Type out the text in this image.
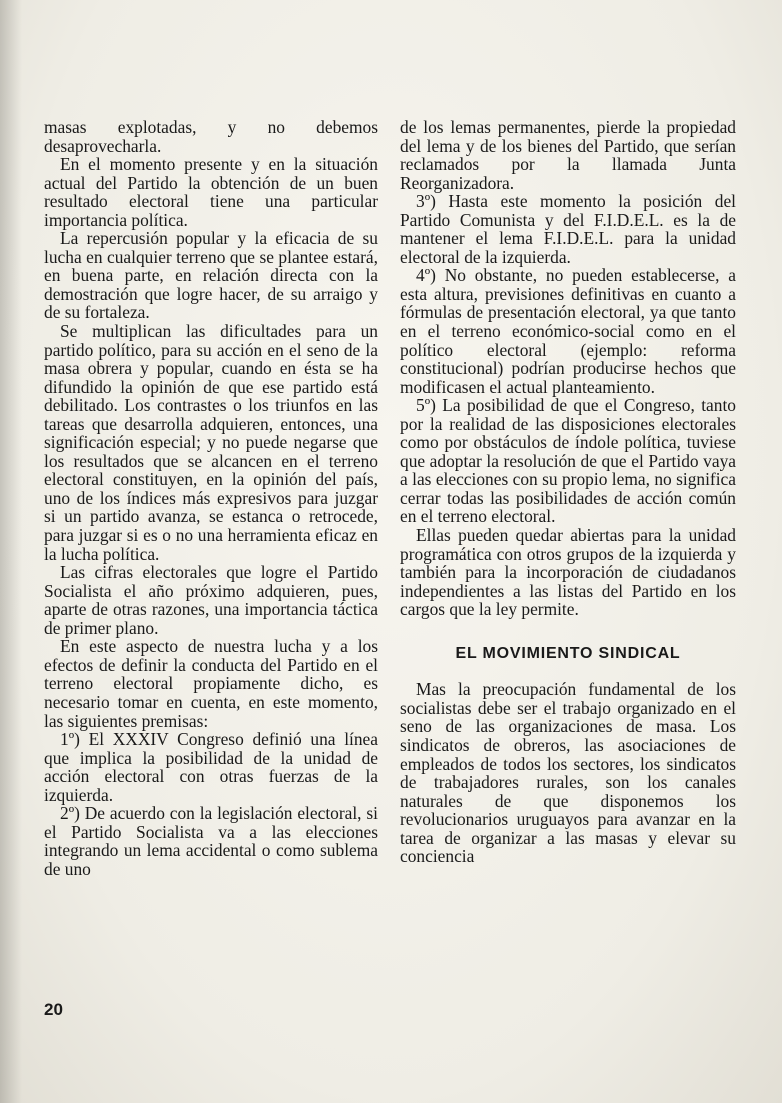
masas explotadas, y no debemos desaprovecharla.

En el momento presente y en la situación actual del Partido la obtención de un buen resultado electoral tiene una particular importancia política.

La repercusión popular y la eficacia de su lucha en cualquier terreno que se plantee estará, en buena parte, en relación directa con la demostración que logre hacer, de su arraigo y de su fortaleza.

Se multiplican las dificultades para un partido político, para su acción en el seno de la masa obrera y popular, cuando en ésta se ha difundido la opinión de que ese partido está debilitado. Los contrastes o los triunfos en las tareas que desarrolla adquieren, entonces, una significación especial; y no puede negarse que los resultados que se alcancen en el terreno electoral constituyen, en la opinión del país, uno de los índices más expresivos para juzgar si un partido avanza, se estanca o retrocede, para juzgar si es o no una herramienta eficaz en la lucha política.

Las cifras electorales que logre el Partido Socialista el año próximo adquieren, pues, aparte de otras razones, una importancia táctica de primer plano.

En este aspecto de nuestra lucha y a los efectos de definir la conducta del Partido en el terreno electoral propiamente dicho, es necesario tomar en cuenta, en este momento, las siguientes premisas:

1º) El XXXIV Congreso definió una línea que implica la posibilidad de la unidad de acción electoral con otras fuerzas de la izquierda.

2º) De acuerdo con la legislación electoral, si el Partido Socialista va a las elecciones integrando un lema accidental o como sublema de uno

de los lemas permanentes, pierde la propiedad del lema y de los bienes del Partido, que serían reclamados por la llamada Junta Reorganizadora.

3º) Hasta este momento la posición del Partido Comunista y del F.I.D.E.L. es la de mantener el lema F.I.D.E.L. para la unidad electoral de la izquierda.

4º) No obstante, no pueden establecerse, a esta altura, previsiones definitivas en cuanto a fórmulas de presentación electoral, ya que tanto en el terreno económico-social como en el político electoral (ejemplo: reforma constitucional) podrían producirse hechos que modificasen el actual planteamiento.

5º) La posibilidad de que el Congreso, tanto por la realidad de las disposiciones electorales como por obstáculos de índole política, tuviese que adoptar la resolución de que el Partido vaya a las elecciones con su propio lema, no significa cerrar todas las posibilidades de acción común en el terreno electoral.

Ellas pueden quedar abiertas para la unidad programática con otros grupos de la izquierda y también para la incorporación de ciudadanos independientes a las listas del Partido en los cargos que la ley permite.

EL MOVIMIENTO SINDICAL

Mas la preocupación fundamental de los socialistas debe ser el trabajo organizado en el seno de las organizaciones de masa. Los sindicatos de obreros, las asociaciones de empleados de todos los sectores, los sindicatos de trabajadores rurales, son los canales naturales de que disponemos los revolucionarios uruguayos para avanzar en la tarea de organizar a las masas y elevar su conciencia

20
